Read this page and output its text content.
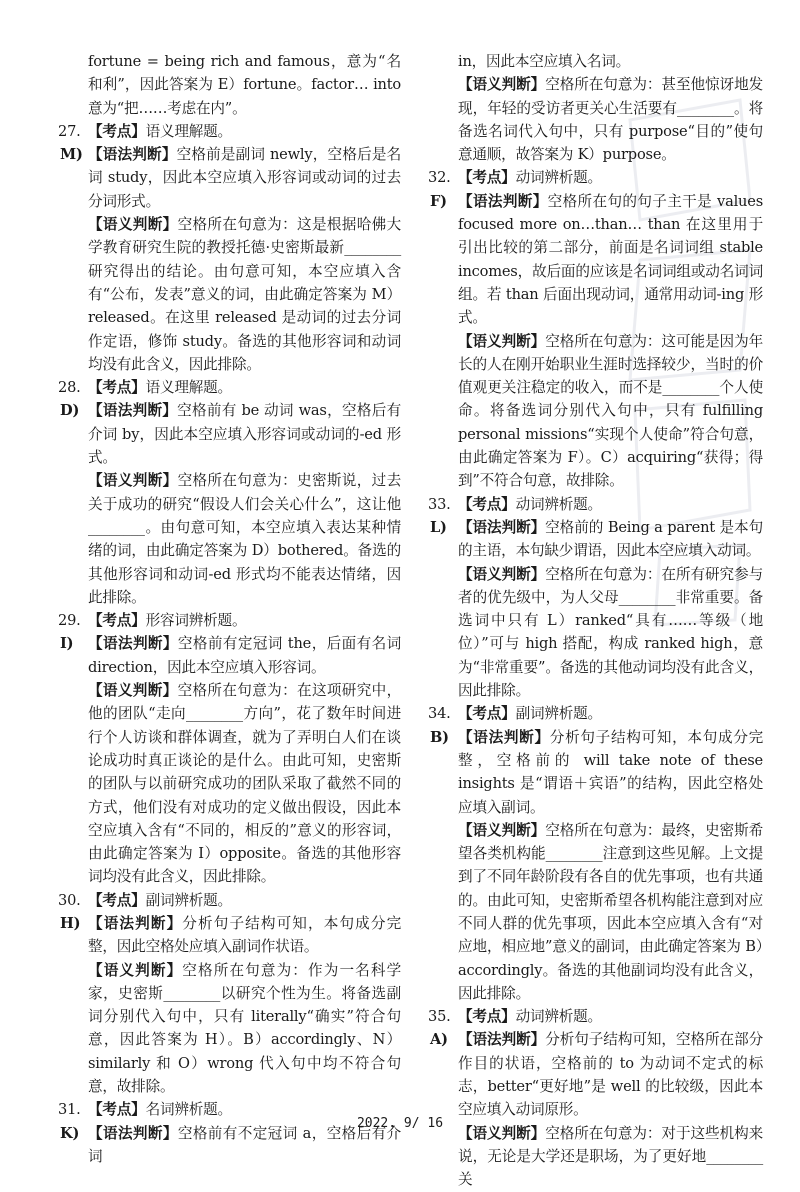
fortune = being rich and famous，意为“名和利”，因此答案为 E）fortune。factor… into 意为“把……考虑在内”。

27. 【考点】语义理解题。
M) 【语法判断】空格前是副词 newly，空格后是名词 study，因此本空应填入形容词或动词的过去分词形式。

【语义判断】空格所在句意为：这是根据哈佛大学教育研究生院的教授托德·史密斯最新________研究得出的结论。由句意可知，本空应填入含有“公布，发表”意义的词，由此确定答案为 M）released。在这里 released 是动词的过去分词作定语，修饰 study。备选的其他形容词和动词均没有此含义，因此排除。

28. 【考点】语义理解题。
D) 【语法判断】空格前有 be 动词 was，空格后有介词 by，因此本空应填入形容词或动词的-ed 形式。

【语义判断】空格所在句意为：史密斯说，过去关于成功的研究“假设人们会关心什么”，这让他________。由句意可知，本空应填入表达某种情绪的词，由此确定答案为 D）bothered。备选的其他形容词和动词-ed 形式均不能表达情绪，因此排除。

29. 【考点】形容词辨析题。
I) 【语法判断】空格前有定冠词 the，后面有名词 direction，因此本空应填入形容词。

【语义判断】空格所在句意为：在这项研究中，他的团队“走向________方向”，花了数年时间进行个人访谈和群体调查，就为了弄明白人们在谈论成功时真正谈论的是什么。由此可知，史密斯的团队与以前研究成功的团队采取了截然不同的方式，他们没有对成功的定义做出假设，因此本空应填入含有“不同的，相反的”意义的形容词，由此确定答案为 I）opposite。备选的其他形容词均没有此含义，因此排除。

30. 【考点】副词辨析题。
H) 【语法判断】分析句子结构可知，本句成分完整，因此空格处应填入副词作状语。

【语义判断】空格所在句意为：作为一名科学家，史密斯________以研究个性为生。将备选副词分别代入句中，只有 literally“确实”符合句意，因此答案为 H）。B）accordingly、N）similarly 和 O）wrong 代入句中均不符合句意，故排除。

31. 【考点】名词辨析题。
K) 【语法判断】空格前有不定冠词 a，空格后有介词

in，因此本空应填入名词。

【语义判断】空格所在句意为：甚至他惊讶地发现，年轻的受访者更关心生活要有________。将备选名词代入句中，只有 purpose“目的”使句意通顺，故答案为 K）purpose。

32. 【考点】动词辨析题。
F) 【语法判断】空格所在句的句子主干是 values focused more on…than… than 在这里用于引出比较的第二部分，前面是名词词组 stable incomes，故后面的应该是名词词组或动名词词组。若 than 后面出现动词，通常用动词-ing 形式。

【语义判断】空格所在句意为：这可能是因为年长的人在刚开始职业生涯时选择较少，当时的价值观更关注稳定的收入，而不是________个人使命。将备选词分别代入句中，只有 fulfilling personal missions“实现个人使命”符合句意，由此确定答案为 F）。C）acquiring“获得；得到”不符合句意，故排除。

33. 【考点】动词辨析题。
L) 【语法判断】空格前的 Being a parent 是本句的主语，本句缺少谓语，因此本空应填入动词。

【语义判断】空格所在句意为：在所有研究参与者的优先级中，为人父母________非常重要。备选词中只有 L）ranked“具有……等级（地位）”可与 high 搭配，构成 ranked high，意为“非常重要”。备选的其他动词均没有此含义，因此排除。

34. 【考点】副词辨析题。
B) 【语法判断】分析句子结构可知，本句成分完整，空格前的 will take note of these insights 是“谓语＋宾语”的结构，因此空格处应填入副词。

【语义判断】空格所在句意为：最终，史密斯希望各类机构能________注意到这些见解。上文提到了不同年龄阶段有各自的优先事项，也有共通的。由此可知，史密斯希望各机构能注意到对应不同人群的优先事项，因此本空应填入含有“对应地，相应地”意义的副词，由此确定答案为 B）accordingly。备选的其他副词均没有此含义，因此排除。

35. 【考点】动词辨析题。
A) 【语法判断】分析句子结构可知，空格所在部分作目的状语，空格前的 to 为动词不定式的标志，better“更好地”是 well 的比较级，因此本空应填入动词原形。

【语义判断】空格所在句意为：对于这些机构来说，无论是大学还是职场，为了更好地________关

2022. 9/ 16
